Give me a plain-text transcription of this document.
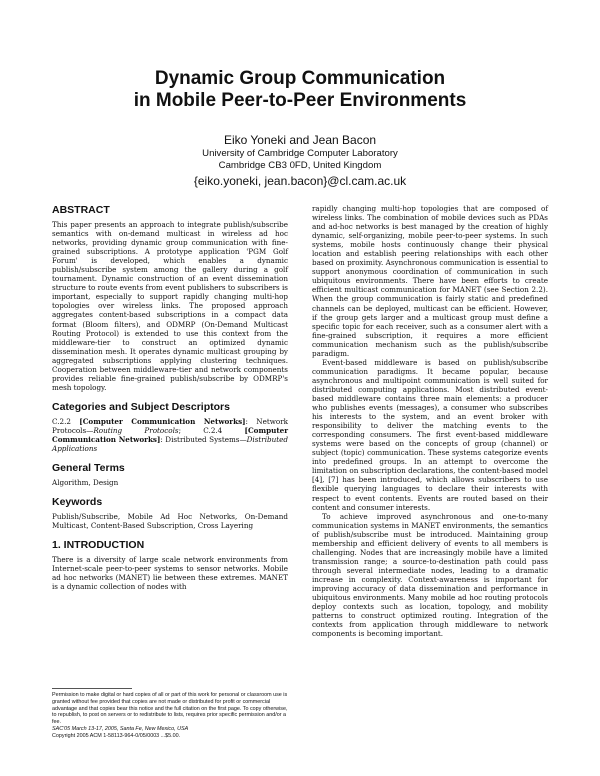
Dynamic Group Communication
in Mobile Peer-to-Peer Environments
Eiko Yoneki and Jean Bacon
University of Cambridge Computer Laboratory
Cambridge CB3 0FD, United Kingdom
{eiko.yoneki, jean.bacon}@cl.cam.ac.uk
ABSTRACT

This paper presents an approach to integrate publish/subscribe semantics with on-demand multicast in wireless ad hoc networks, providing dynamic group communication with fine-grained subscriptions. A prototype application 'PGM Golf Forum' is developed, which enables a dynamic publish/subscribe system among the gallery during a golf tournament. Dynamic construction of an event dissemination structure to route events from event publishers to subscribers is important, especially to support rapidly changing multi-hop topologies over wireless links. The proposed approach aggregates content-based subscriptions in a compact data format (Bloom filters), and ODMRP (On-Demand Multicast Routing Protocol) is extended to use this context from the middleware-tier to construct an optimized dynamic dissemination mesh. It operates dynamic multicast grouping by aggregated subscriptions applying clustering techniques. Cooperation between middleware-tier and network components provides reliable fine-grained publish/subscribe by ODMRP's mesh topology.

Categories and Subject Descriptors

C.2.2 [Computer Communication Networks]: Network Protocols—Routing Protocols; C.2.4 [Computer Communication Networks]: Distributed Systems—Distributed Applications

General Terms

Algorithm, Design

Keywords

Publish/Subscribe, Mobile Ad Hoc Networks, On-Demand Multicast, Content-Based Subscription, Cross Layering

1. INTRODUCTION

There is a diversity of large scale network environments from Internet-scale peer-to-peer systems to sensor networks. Mobile ad hoc networks (MANET) lie between these extremes. MANET is a dynamic collection of nodes with

Permission to make digital or hard copies of all or part of this work for personal or classroom use is granted without fee provided that copies are not made or distributed for profit or commercial advantage and that copies bear this notice and the full citation on the first page. To copy otherwise, to republish, to post on servers or to redistribute to lists, requires prior specific permission and/or a fee.

SAC'05 March 13-17, 2005, Santa Fe, New Mexico, USA

Copyright 2005 ACM 1-58113-964-0/05/0003 ...$5.00.

rapidly changing multi-hop topologies that are composed of wireless links. The combination of mobile devices such as PDAs and ad-hoc networks is best managed by the creation of highly dynamic, self-organizing, mobile peer-to-peer systems. In such systems, mobile hosts continuously change their physical location and establish peering relationships with each other based on proximity. Asynchronous communication is essential to support anonymous coordination of communication in such ubiquitous environments. There have been efforts to create efficient multicast communication for MANET (see Section 2.2). When the group communication is fairly static and predefined channels can be deployed, multicast can be efficient. However, if the group gets larger and a multicast group must define a specific topic for each receiver, such as a consumer alert with a fine-grained subscription, it requires a more efficient communication mechanism such as the publish/subscribe paradigm.

Event-based middleware is based on publish/subscribe communication paradigms. It became popular, because asynchronous and multipoint communication is well suited for distributed computing applications. Most distributed event-based middleware contains three main elements: a producer who publishes events (messages), a consumer who subscribes his interests to the system, and an event broker with responsibility to deliver the matching events to the corresponding consumers. The first event-based middleware systems were based on the concepts of group (channel) or subject (topic) communication. These systems categorize events into predefined groups. In an attempt to overcome the limitation on subscription declarations, the content-based model [4], [7] has been introduced, which allows subscribers to use flexible querying languages to declare their interests with respect to event contents. Events are routed based on their content and consumer interests.

To achieve improved asynchronous and one-to-many communication systems in MANET environments, the semantics of publish/subscribe must be introduced. Maintaining group membership and efficient delivery of events to all members is challenging. Nodes that are increasingly mobile have a limited transmission range; a source-to-destination path could pass through several intermediate nodes, leading to a dramatic increase in complexity. Context-awareness is important for improving accuracy of data dissemination and performance in ubiquitous environments. Many mobile ad hoc routing protocols deploy contexts such as location, topology, and mobility patterns to construct optimized routing. Integration of the contexts from application through middleware to network components is becoming important.
